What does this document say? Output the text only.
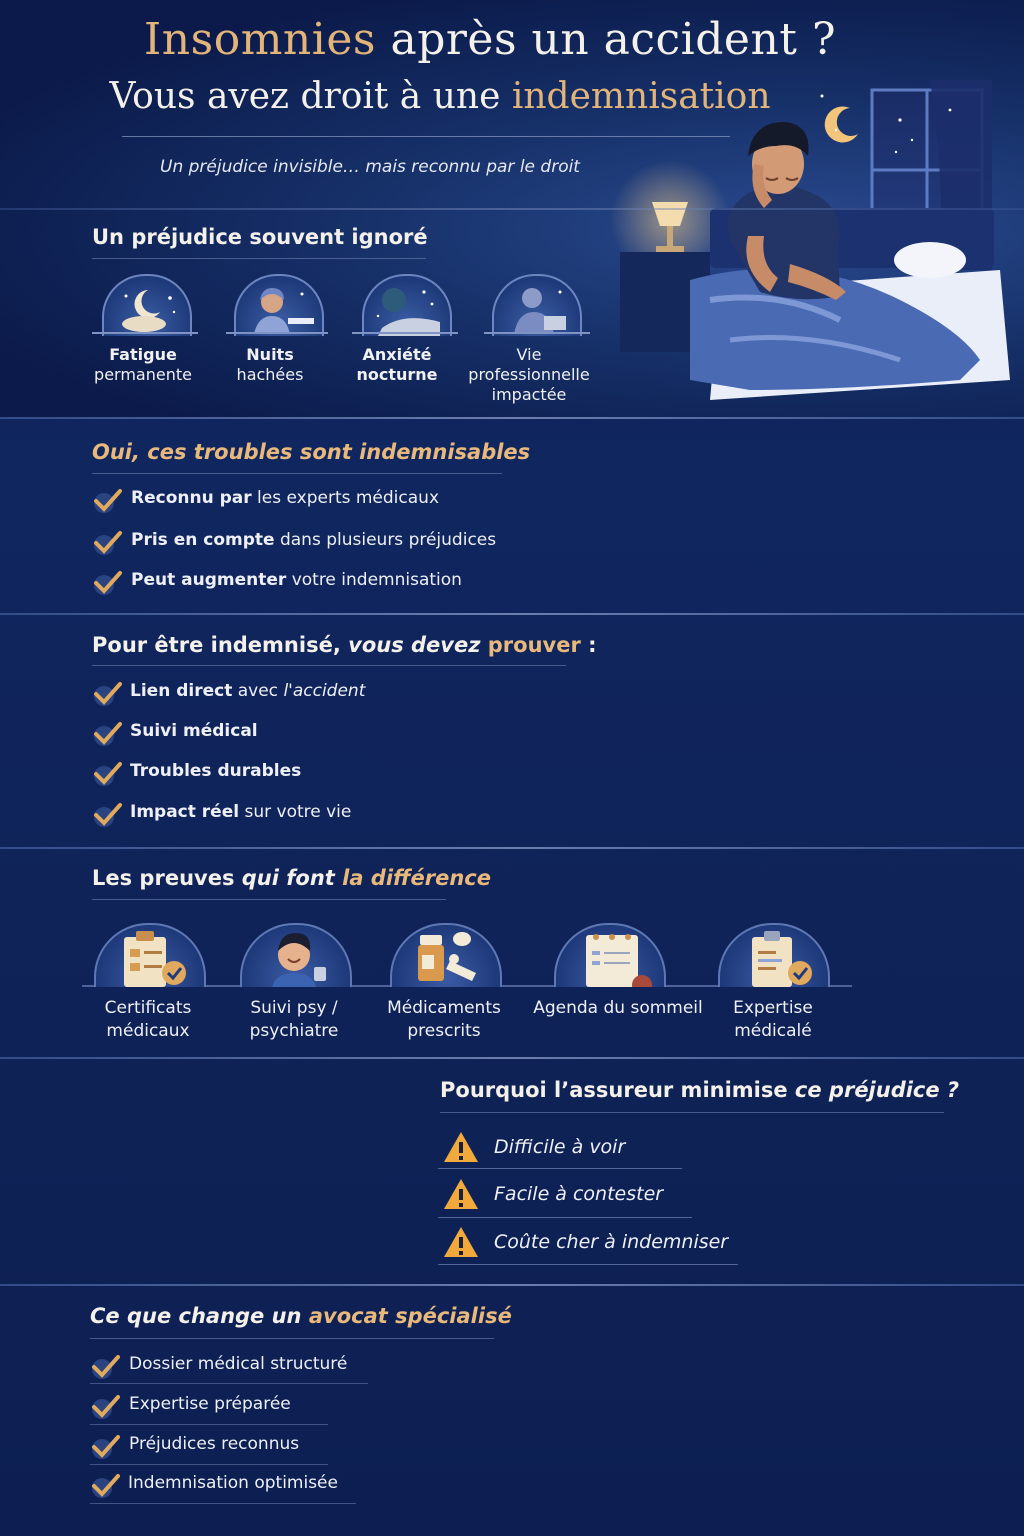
Insomnies après un accident ?
Vous avez droit à une indemnisation
Un préjudice invisible… mais reconnu par le droit
Un préjudice souvent ignoré
Fatigue
permanente
Nuits
hachées
Anxiété
nocturne
Vie
professionnelle
impactée
Oui, ces troubles sont indemnisables
Reconnu par les experts médicaux
Pris en compte dans plusieurs préjudices
Peut augmenter votre indemnisation
Pour être indemnisé, vous devez prouver :
Lien direct avec l'accident
Suivi médical
Troubles durables
Impact réel sur votre vie
Les preuves qui font la différence
Certificats
médicaux
Suivi psy /
psychiatre
Médicaments
prescrits
Agenda du sommeil	Expertise
médicalé
Pourquoi l’assureur minimise ce préjudice ?
Difficile à voir
Facile à contester
Coûte cher à indemniser
Ce que change un avocat spécialisé
Dossier médical structuré
Expertise préparée
Préjudices reconnus
Indemnisation optimisée
